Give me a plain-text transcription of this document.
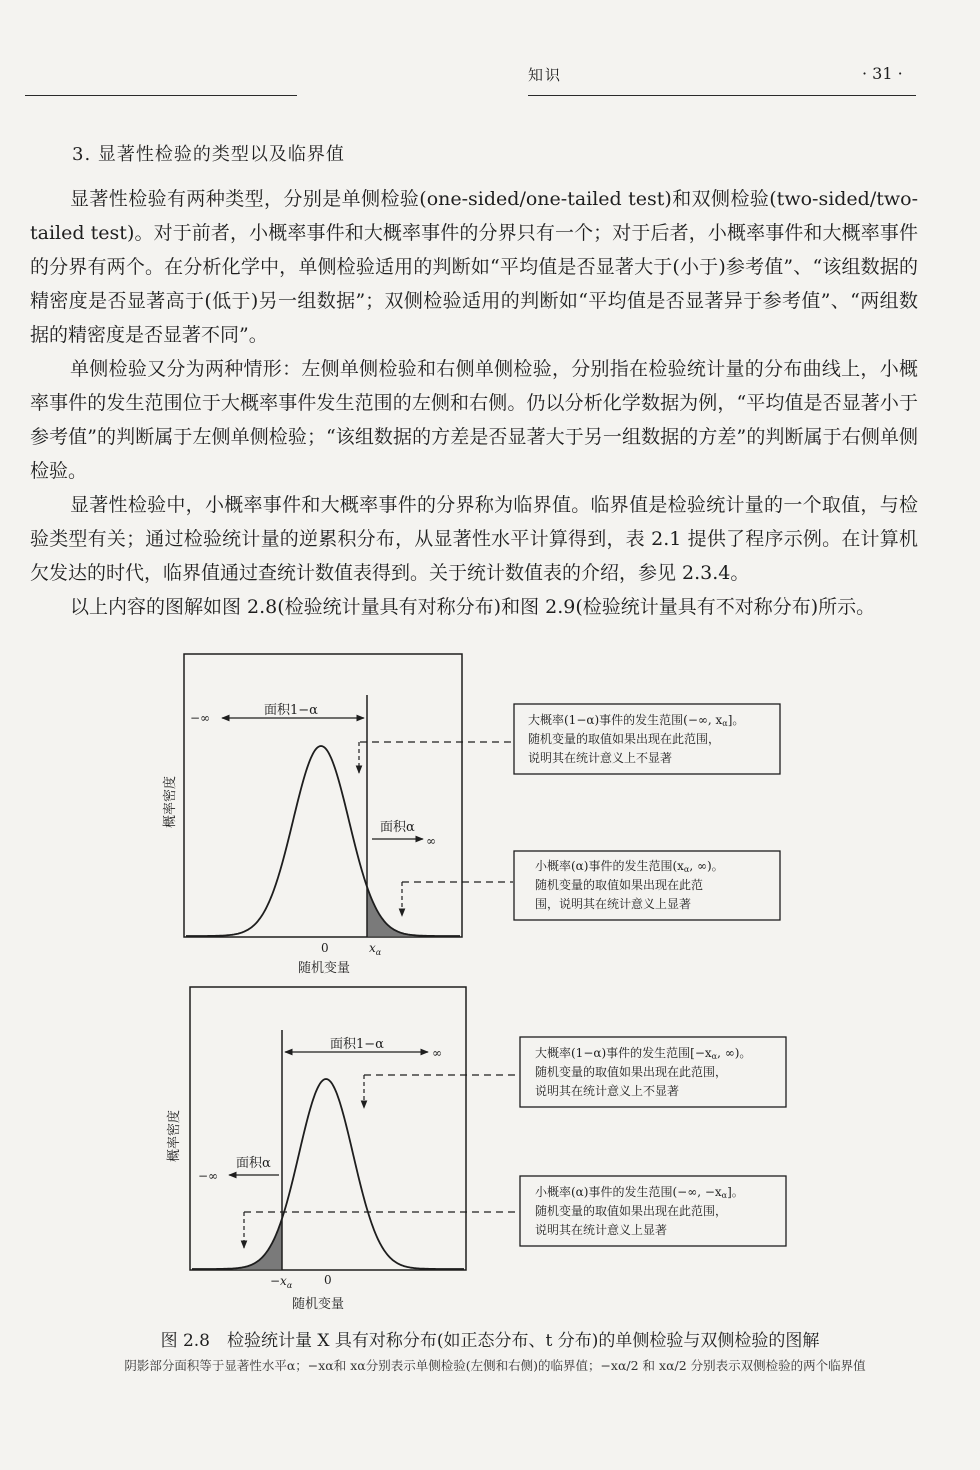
知识	· 31 ·
3. 显著性检验的类型以及临界值

显著性检验有两种类型，分别是单侧检验(one-sided/one-tailed test)和双侧检验(two-sided/two-tailed test)。对于前者，小概率事件和大概率事件的分界只有一个；对于后者，小概率事件和大概率事件的分界有两个。在分析化学中，单侧检验适用的判断如“平均值是否显著大于(小于)参考值”、“该组数据的精密度是否显著高于(低于)另一组数据”；双侧检验适用的判断如“平均值是否显著异于参考值”、“两组数据的精密度是否显著不同”。

单侧检验又分为两种情形：左侧单侧检验和右侧单侧检验，分别指在检验统计量的分布曲线上，小概率事件的发生范围位于大概率事件发生范围的左侧和右侧。仍以分析化学数据为例，“平均值是否显著小于参考值”的判断属于左侧单侧检验；“该组数据的方差是否显著大于另一组数据的方差”的判断属于右侧单侧检验。

显著性检验中，小概率事件和大概率事件的分界称为临界值。临界值是检验统计量的一个取值，与检验类型有关；通过检验统计量的逆累积分布，从显著性水平计算得到，表 2.1 提供了程序示例。在计算机欠发达的时代，临界值通过查统计数值表得到。关于统计数值表的介绍，参见 2.3.4。

以上内容的图解如图 2.8(检验统计量具有对称分布)和图 2.9(检验统计量具有不对称分布)所示。

−∞	面积1−α
面积α
∞
0	$x_\alpha$
随机变量
概率密度
大概率(1−α)事件的发生范围(−∞, xα]。
随机变量的取值如果出现在此范围，
说明其在统计意义上不显著
小概率(α)事件的发生范围(xα, ∞)。
随机变量的取值如果出现在此范
围，说明其在统计意义上显著
面积1−α
∞
面积α
−∞
$-x_\alpha$	0
随机变量
概率密度
大概率(1−α)事件的发生范围[−xα, ∞)。
随机变量的取值如果出现在此范围，
说明其在统计意义上不显著
小概率(α)事件的发生范围(−∞, −xα]。
随机变量的取值如果出现在此范围，
说明其在统计意义上显著
图 2.8　检验统计量 X 具有对称分布(如正态分布、t 分布)的单侧检验与双侧检验的图解
阴影部分面积等于显著性水平α；−xα和 xα分别表示单侧检验(左侧和右侧)的临界值；−xα/2 和 xα/2 分别表示双侧检验的两个临界值
